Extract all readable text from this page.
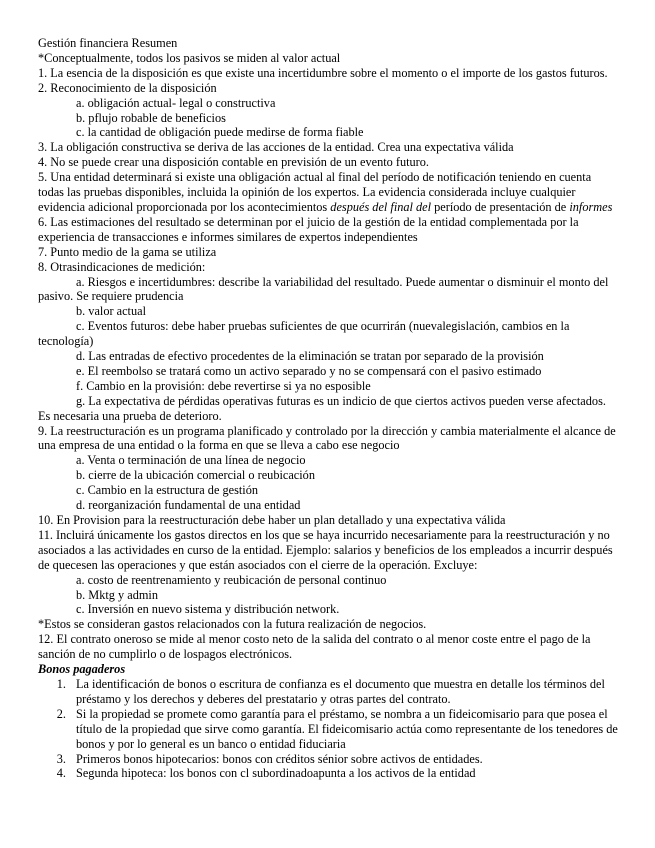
Gestión financiera Resumen
*Conceptualmente, todos los pasivos se miden al valor actual
1. La esencia de la disposición es que existe una incertidumbre sobre el momento o el importe de los gastos futuros.
2. Reconocimiento de la disposición
a. obligación actual- legal o constructiva
b. pflujo robable de beneficios
c. la cantidad de obligación puede medirse de forma fiable
3. La obligación constructiva se deriva de las acciones de la entidad. Crea una expectativa válida
4. No se puede crear una disposición contable en previsión de un evento futuro.
5. Una entidad determinará si existe una obligación actual al final del período de notificación teniendo en cuenta todas las pruebas disponibles, incluida la opinión de los expertos. La evidencia considerada incluye cualquier evidencia adicional proporcionada por los acontecimientos después del final del período de presentación de informes
6. Las estimaciones del resultado se determinan por el juicio de la gestión de la entidad complementada por la experiencia de transacciones e informes similares de expertos independientes
7. Punto medio de la gama se utiliza
8. Otrasindicaciones de medición:
a. Riesgos e incertidumbres: describe la variabilidad del resultado. Puede aumentar o disminuir el monto del pasivo. Se requiere prudencia
b. valor actual
c. Eventos futuros: debe haber pruebas suficientes de que ocurrirán (nuevalegislación, cambios en la tecnología)
d. Las entradas de efectivo procedentes de la eliminación se tratan por separado de la provisión
e. El reembolso se tratará como un activo separado y no se compensará con el pasivo estimado
f. Cambio en la provisión: debe revertirse si ya no esposible
g. La expectativa de pérdidas operativas futuras es un indicio de que ciertos activos pueden verse afectados. Es necesaria una prueba de deterioro.
9. La reestructuración es un programa planificado y controlado por la dirección y cambia materialmente el alcance de una empresa de una entidad o la forma en que se lleva a cabo ese negocio
a. Venta o terminación de una línea de negocio
b. cierre de la ubicación comercial o reubicación
c. Cambio en la estructura de gestión
d. reorganización fundamental de una entidad
10. En Provision para la reestructuración debe haber un plan detallado y una expectativa válida
11. Incluirá únicamente los gastos directos en los que se haya incurrido necesariamente para la reestructuración y no asociados a las actividades en curso de la entidad. Ejemplo: salarios y beneficios de los empleados a incurrir después de quecesen las operaciones y que están asociados con el cierre de la operación. Excluye:
a. costo de reentrenamiento y reubicación de personal continuo
b. Mktg y admin
c. Inversión en nuevo sistema y distribución network.
*Estos se consideran gastos relacionados con la futura realización de negocios.
12. El contrato oneroso se mide al menor costo neto de la salida del contrato o al menor coste entre el pago de la sanción de no cumplirlo o de lospagos electrónicos.
Bonos pagaderos
1. La identificación de bonos o escritura de confianza es el documento que muestra en detalle los términos del préstamo y los derechos y deberes del prestatario y otras partes del contrato.
2. Si la propiedad se promete como garantía para el préstamo, se nombra a un fideicomisario para que posea el título de la propiedad que sirve como garantía. El fideicomisario actúa como representante de los tenedores de bonos y por lo general es un banco o entidad fiduciaria
3. Primeros bonos hipotecarios: bonos con créditos sénior sobre activos de entidades.
4. Segunda hipoteca: los bonos con cl subordinadoapunta a los activos de la entidad
